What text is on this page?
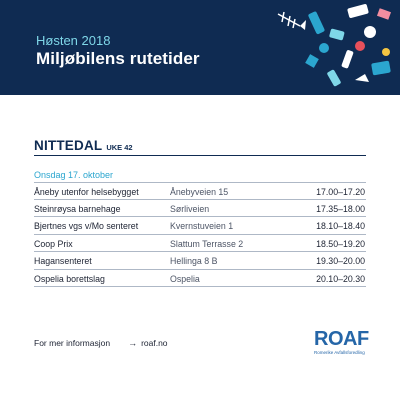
Høsten 2018
Miljøbilens rutetider
NITTEDAL UKE 42
Onsdag 17. oktober
Åneby utenfor helsebygget	Ånebyveien 15	17.00–17.20
Steinrøysa barnehage	Sørliveien	17.35–18.00
Bjertnes vgs v/Mo senteret	Kvernstuveien 1	18.10–18.40
Coop Prix	Slattum Terrasse 2	18.50–19.20
Hagansenteret	Hellinga 8 B	19.30–20.00
Ospelia borettslag	Ospelia	20.10–20.30
For mer informasjon → roaf.no	ROAF
Romerike Avfallsforedling
